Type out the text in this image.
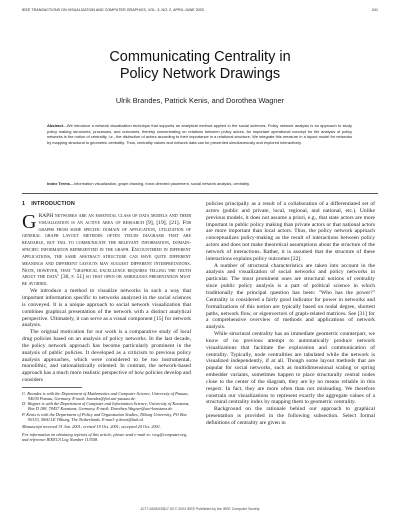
IEEE TRANSACTIONS ON VISUALIZATION AND COMPUTER GRAPHICS, VOL. 9, NO. 2, APRIL-JUNE 2003	241
Communicating Centrality in
Policy Network Drawings
Ulrik Brandes, Patrick Kenis, and Dorothea Wagner
Abstract—We introduce a network visualization technique that supports an analytical method applied in the social sciences. Policy network analysis is an approach to study policy making structures, processes, and outcomes, thereby concentrating on relations between policy actors. An important operational concept for the analysis of policy networks is the notion of centrality, i.e., the distinction of actors according to their importance in a relational structure. We integrate this measure in a layout model for networks by mapping structural to geometric centrality. Thus, centrality values and network data can be presented simultaneously and explored interactively.
Index Terms—Information visualization, graph drawing, force-directed placement, social network analysis, centrality.
1 INTRODUCTION

GRAPH networks are an essential class of data models and their visualization is an active area of research [9], [19], [21]. For graphs from some specific domain of application, utilization of general graph layout methods often yields diagrams that are readable, but fail to communicate the relevant information, domain-specific information represented in the graph. Encountered in different applications, the same abstract structure can have quite different meanings and different layouts may suggest different interpretations. Note, however, that "graphical excellence requires telling the truth about the data" [30, p. 51] so that open or ambiguous presentation must be avoided.

We introduce a method to visualize networks in such a way that important information specific to networks analyzed in the social sciences is conveyed. It is a unique approach to social network visualization that combines graphical presentation of the network with a distinct analytical perspective. Ultimately, it can serve as a visual component [15] for network analysis.

The original motivation for our work is a comparative study of local drug policies based on an analysis of policy networks. In the last decade, the policy network approach has become particularly prominent in the analysis of public policies. It developed as a criticism to previous policy analysis approaches, which were considered to be too instrumental, monolithic, and rationalistically oriented. In contrast, the network-based approach has a much more realistic perspective of how policies develop and considers

U. Brandes is with the Department of Mathematics and Computer Science, University of Passau, 94030 Passau, Germany. E-mail: brandes@fmi.uni-passau.de.
D. Wagner is with the Department of Computer and Information Science, University of Konstanz, Box D 188, 78457 Konstanz, Germany. E-mail: Dorothea.Wagner@uni-konstanz.de.
P. Kenis is with the Department of Policy and Organization Studies, Tilburg University, PO Box 90153, 5000 LE Tilburg, The Netherlands. E-mail: p.kenis@kub.nl.
Manuscript received 31 Jan. 2001; revised 19 Oct. 2001; accepted 24 Oct. 2001.
For information on obtaining reprints of this article, please send e-mail to: tvcg@computer.org, and reference IEEECS Log Number 113558.

policies principally as a result of a collaboration of a differentiated set of actors (public and private, local, regional, and national, etc.). Unlike previous models, it does not assume a priori, e.g., that state actors are more important in public policy making than private actors or that national actors are more important than local actors. Thus, the policy network approach conceptualizes policy-making as the result of interactions between policy actors and does not make theoretical assumptions about the structure of the network of interactions. Rather, it is assumed that the structure of these interactions explains policy outcomes [22].

A number of structural characteristics are taken into account in the analysis and visualization of social networks and policy networks in particular. The most prominent ones are structural notions of centrality since public policy analysis is a part of political science in which traditionally the principal question has been: "Who has the power?" Centrality is considered a fairly good indicator for power in networks and formalizations of this notion are typically based on nodal degree, shortest paths, network flow, or eigenvectors of graph-related matrices. See [31] for a comprehensive overview of methods and applications of network analysis.

While structural centrality has an immediate geometric counterpart, we know of no previous attempt to automatically produce network visualizations that facilitate the exploration and communication of centrality. Typically, node centralities are tabulated while the network is visualized independently, if at all. Though some layout methods that are popular for social networks, such as multidimensional scaling or spring embedder variants, sometimes happen to place structurally central nodes close to the center of the diagram, they are by no means reliable in this respect. In fact, they are more often than not misleading. We therefore constrain our visualizations to represent exactly the aggregate values of a structural centrality index by mapping them to geometric centrality.

Background on the rationale behind our approach to graphical presentation is provided in the following subsection. Select formal definitions of centrality are given in

1077-2626/03/$17.00 © 2003 IEEE Published by the IEEE Computer Society
